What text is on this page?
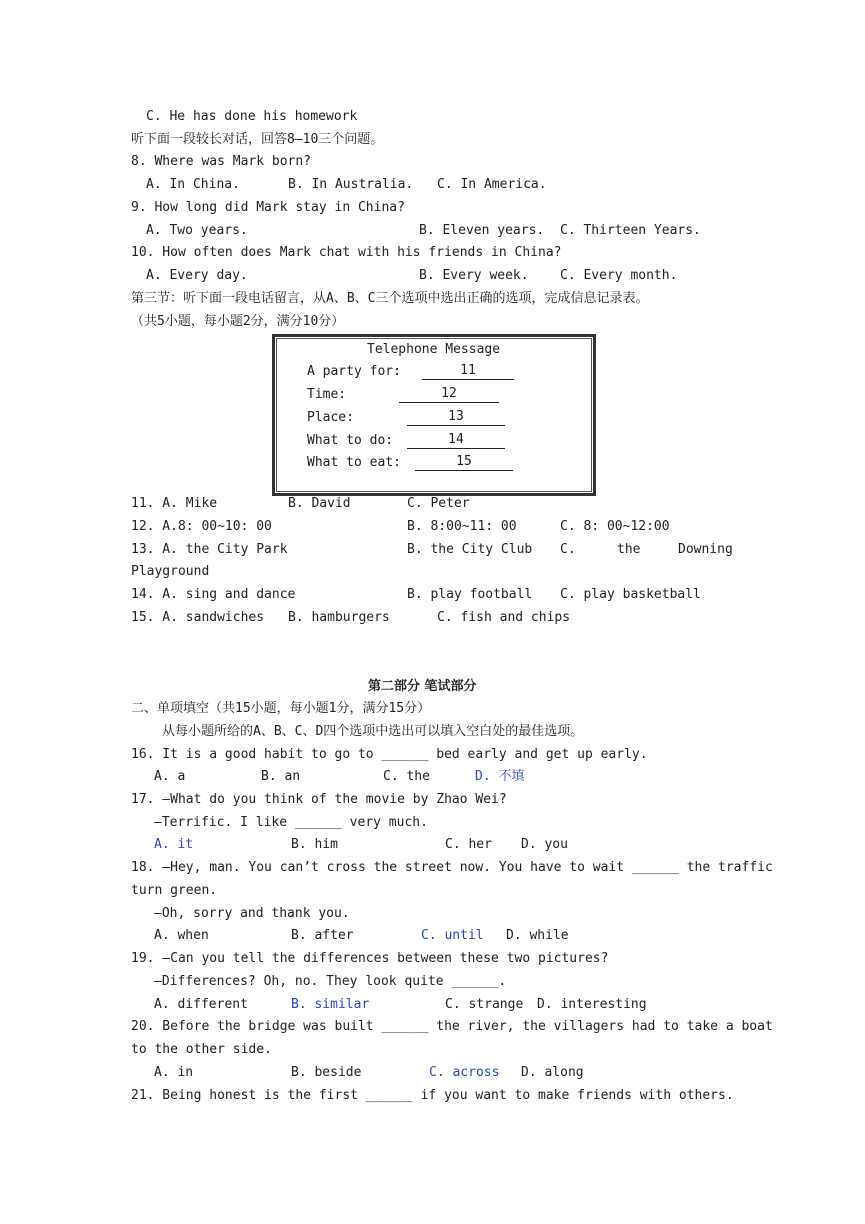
C. He has done his homework
听下面一段较长对话，回答8—10三个问题。
8. Where was Mark born?
A. In China.	B. In Australia. C. In America.
9. How long did Mark stay in China?
A. Two years.	B. Eleven years. C. Thirteen Years.
10. How often does Mark chat with his friends in China?
A. Every day.	B. Every week. C. Every month.
第三节：听下面一段电话留言，从A、B、C三个选项中选出正确的选项，完成信息记录表。
（共5小题，每小题2分，满分10分）
Telephone Message
A party for:	11
Time:	12
Place:	13
What to do:	14
What to eat:	15
11. A. Mike	B. David	C. Peter
12. A.8: 00~10: 00	B. 8:00~11: 00	C. 8: 00~12:00
13. A. the City Park	B. the City Club C.	the	Downing
Playground
14. A. sing and dance	B. play football C. play basketball
15. A. sandwiches B. hamburgers	C. fish and chips
第二部分 笔试部分
二、单项填空（共15小题，每小题1分，满分15分）
从每小题所给的A、B、C、D四个选项中选出可以填入空白处的最佳选项。
16. It is a good habit to go to ______ bed early and get up early.
A. a	B. an	C. the	D. 不填
17. —What do you think of the movie by Zhao Wei?
—Terrific. I like ______ very much.
A. it	B. him	C. her D. you
18. —Hey, man. You can’t cross the street now. You have to wait ______ the traffic
turn green.
—Oh, sorry and thank you.
A. when	B. after	C. until D. while
19. —Can you tell the differences between these two pictures?
—Differences? Oh, no. They look quite ______.
A. different	B. similar	C. strange D. interesting
20. Before the bridge was built ______ the river, the villagers had to take a boat
to the other side.
A. in	B. beside	C. across D. along
21. Being honest is the first ______ if you want to make friends with others.
